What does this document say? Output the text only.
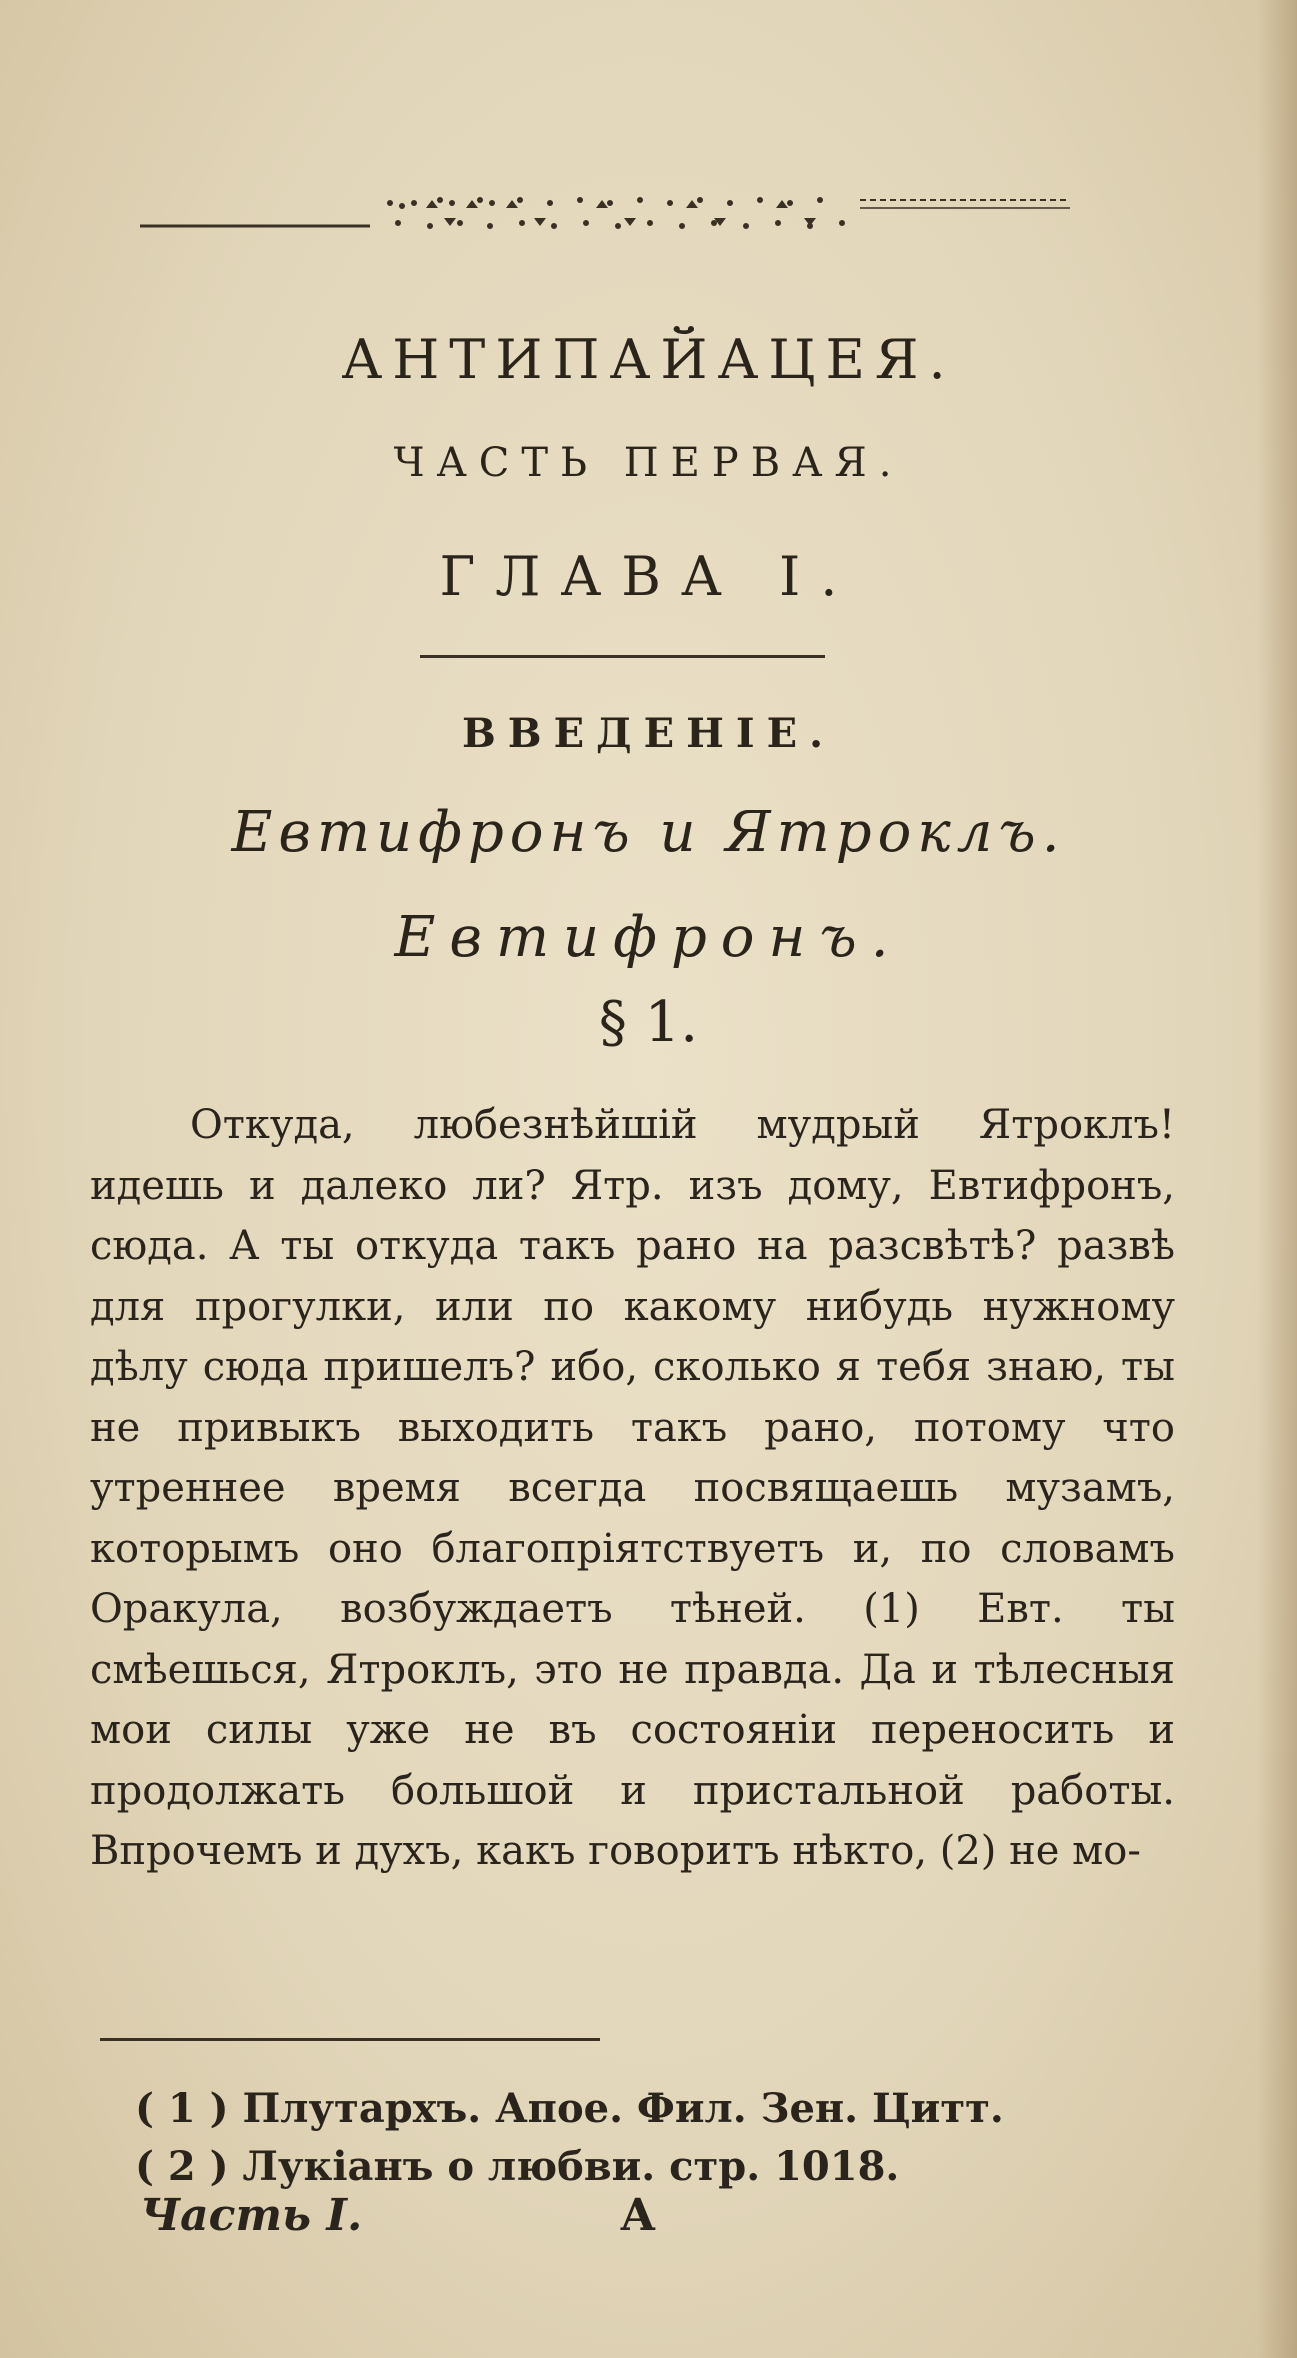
АНТИПАЙАЦЕЯ.
ЧАСТЬ ПЕРВАЯ.
ГЛАВА I.
ВВЕДЕНIЕ.
Евтифронъ и Ятроклъ.
Евтифронъ.
§ 1.
Откуда, любезнѣйшій мудрый Ятроклъ! идешь и далеко ли? Ятр. изъ дому, Евтифронъ, сюда. А ты откуда такъ рано на разсвѣтѣ? развѣ для прогулки, или по какому нибудь нужному дѣлу сюда пришелъ? ибо, сколько я тебя знаю, ты не привыкъ выходить такъ рано, потому что утреннее время всегда посвящаешь музамъ, которымъ оно благопріятствуетъ и, по словамъ Оракула, возбуждаетъ тѣней. (1) Евт. ты смѣешься, Ятроклъ, это не правда. Да и тѣлесныя мои силы уже не въ состояніи переносить и продолжать большой и пристальной работы. Впрочемъ и духъ, какъ говоритъ нѣкто, (2) не мо-
( 1 ) Плутархъ. Апое. Фил. Зен. Цитт.
( 2 ) Лукіанъ о любви. стр. 1018.
Часть I.	А
